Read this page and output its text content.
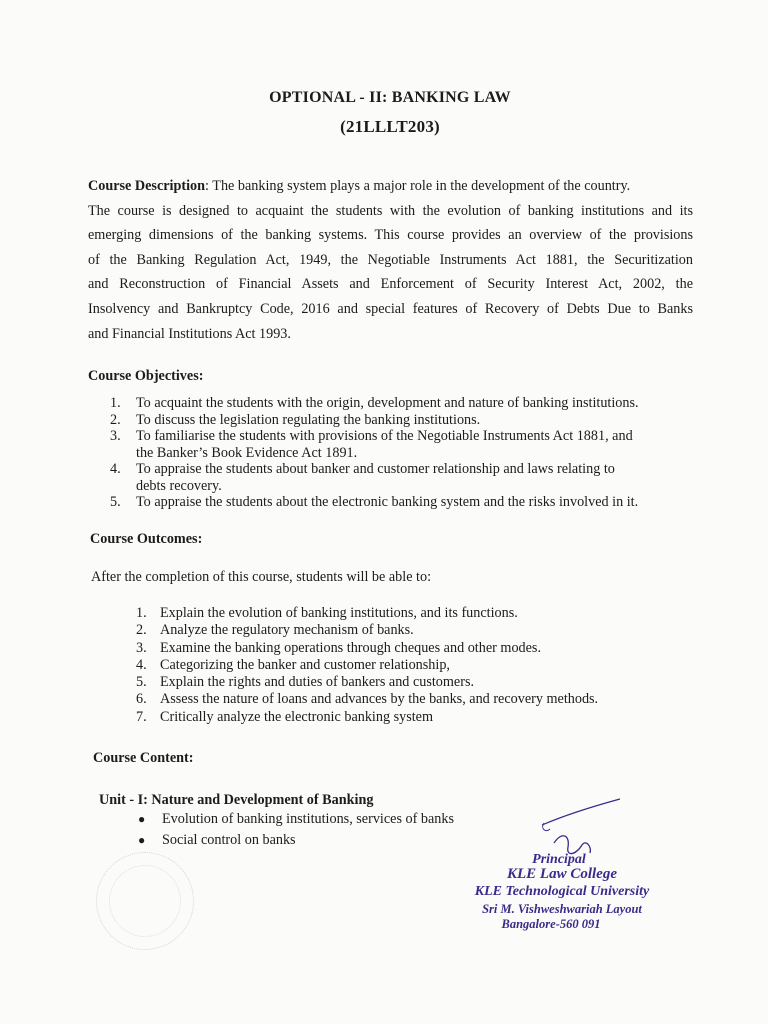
OPTIONAL - II: BANKING LAW
(21LLLT203)
Course Description: The banking system plays a major role in the development of the country.
The course is designed to acquaint the students with the evolution of banking institutions and its
emerging dimensions of the banking systems. This course provides an overview of the provisions
of the Banking Regulation Act, 1949, the Negotiable Instruments Act 1881, the Securitization
and Reconstruction of Financial Assets and Enforcement of Security Interest Act, 2002, the
Insolvency and Bankruptcy Code, 2016 and special features of Recovery of Debts Due to Banks
and Financial Institutions Act 1993.
Course Objectives:
1.	To acquaint the students with the origin, development and nature of banking institutions.
2.	To discuss the legislation regulating the banking institutions.
3.	To familiarise the students with provisions of the Negotiable Instruments Act 1881, and
the Banker’s Book Evidence Act 1891.
4.	To appraise the students about banker and customer relationship and laws relating to
debts recovery.
5.	To appraise the students about the electronic banking system and the risks involved in it.
Course Outcomes:
After the completion of this course, students will be able to:
1. Explain the evolution of banking institutions, and its functions.
2. Analyze the regulatory mechanism of banks.
3. Examine the banking operations through cheques and other modes.
4. Categorizing the banker and customer relationship,
5. Explain the rights and duties of bankers and customers.
6. Assess the nature of loans and advances by the banks, and recovery methods.
7. Critically analyze the electronic banking system
Course Content:
Unit - I: Nature and Development of Banking
●	Evolution of banking institutions, services of banks
●	Social control on banks
Principal
KLE Law College
KLE Technological University
Sri M. Vishweshwariah Layout
Bangalore-560 091
